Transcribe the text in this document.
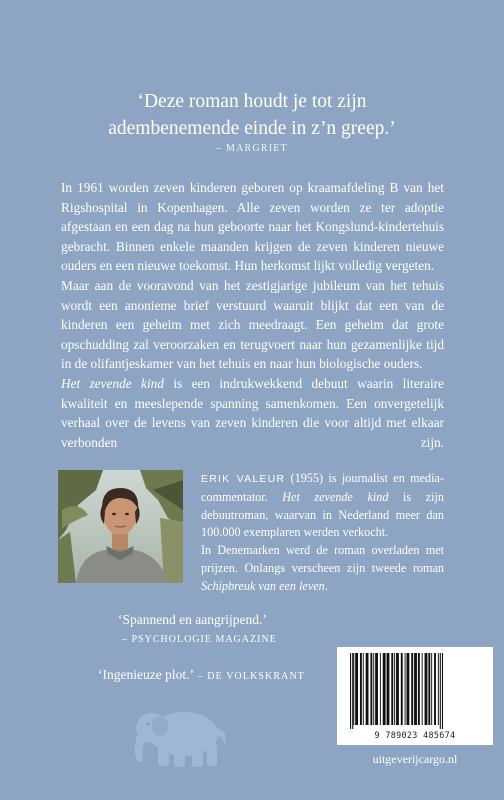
‘Deze roman houdt je tot zijn
adembenemende einde in z’n greep.’
– MARGRIET

In 1961 worden zeven kinderen geboren op kraamafdeling B van het Rigshospital in Kopenhagen. Alle zeven worden ze ter adoptie afgestaan en een dag na hun geboorte naar het Kongslund-kindertehuis gebracht. Binnen enkele maanden krijgen de zeven kinderen nieuwe ouders en een nieuwe toekomst. Hun herkomst lijkt volledig vergeten.

Maar aan de vooravond van het zestigjarige jubileum van het tehuis wordt een anonieme brief verstuurd waaruit blijkt dat een van de kinderen een geheim met zich meedraagt. Een geheim dat grote opschudding zal veroorzaken en terugvoert naar hun gezamenlijke tijd in de olifantjeskamer van het tehuis en naar hun biologische ouders.

Het zevende kind is een indrukwekkend debuut waarin literaire kwaliteit en meeslepende spanning samenkomen. Een onvergetelijk verhaal over de levens van zeven kinderen die voor altijd met elkaar verbonden zijn.

ERIK VALEUR (1955) is journalist en media-commentator. Het zevende kind is zijn debuutroman, waarvan in Nederland meer dan 100.000 exemplaren werden verkocht.

In Denemarken werd de roman overladen met prijzen. Onlangs verscheen zijn tweede roman Schipbreuk van een leven.

‘Spannend en aangrijpend.’
– PSYCHOLOGIE MAGAZINE
‘Ingenieuze plot.’ – DE VOLKSKRANT
9 789023 485674
uitgeverijcargo.nl
